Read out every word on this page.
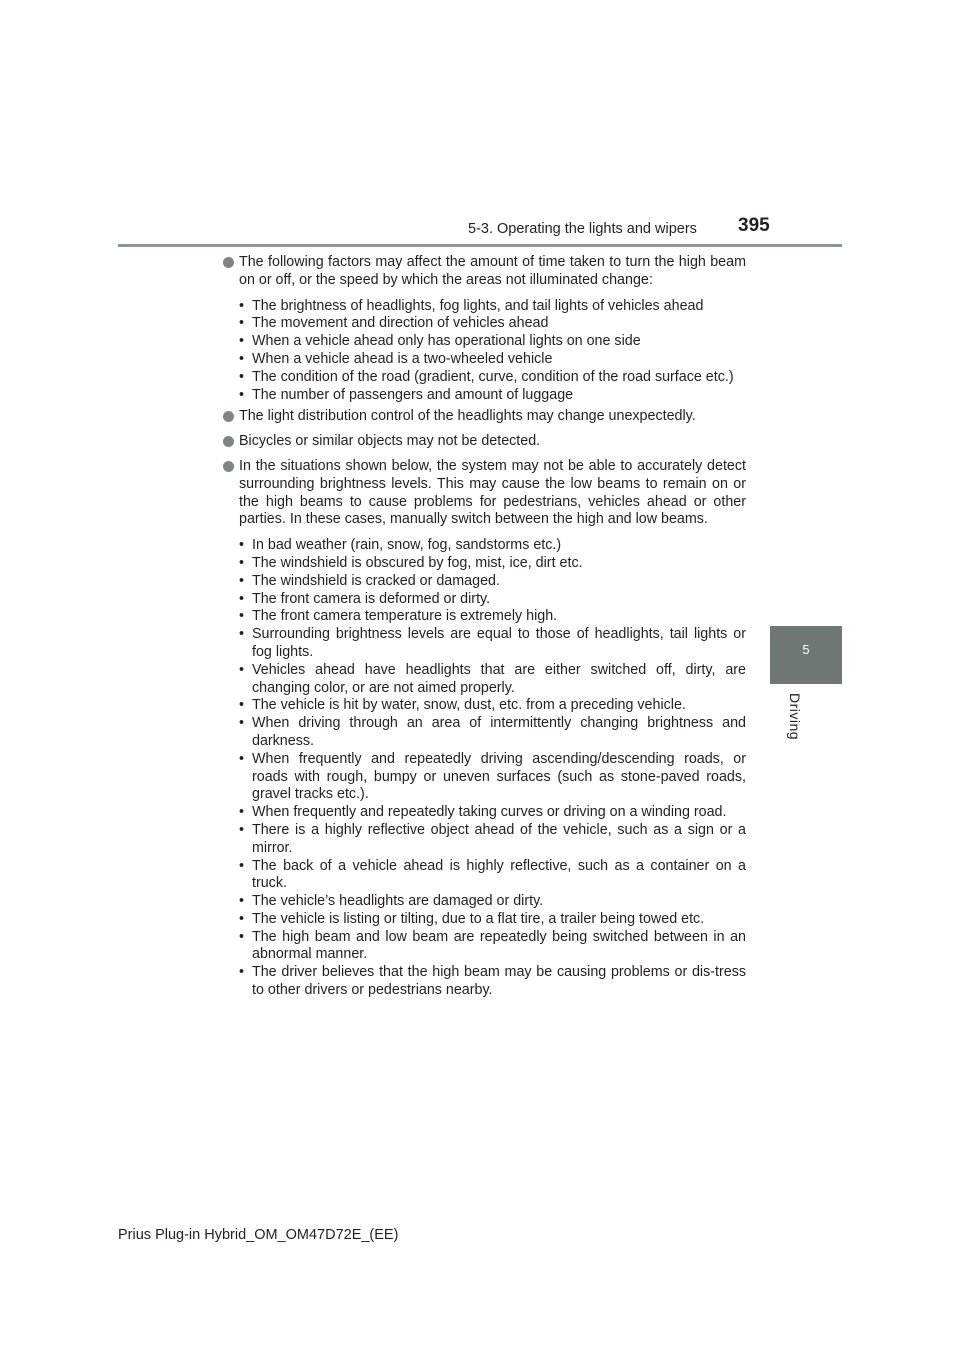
5-3. Operating the lights and wipers 395
5
Driving
The following factors may affect the amount of time taken to turn the high beam on or off, or the speed by which the areas not illuminated change:
• The brightness of headlights, fog lights, and tail lights of vehicles ahead
• The movement and direction of vehicles ahead
• When a vehicle ahead only has operational lights on one side
• When a vehicle ahead is a two-wheeled vehicle
• The condition of the road (gradient, curve, condition of the road surface etc.)
• The number of passengers and amount of luggage
The light distribution control of the headlights may change unexpectedly.
Bicycles or similar objects may not be detected.
In the situations shown below, the system may not be able to accurately detect surrounding brightness levels. This may cause the low beams to remain on or the high beams to cause problems for pedestrians, vehicles ahead or other parties. In these cases, manually switch between the high and low beams.
• In bad weather (rain, snow, fog, sandstorms etc.)
• The windshield is obscured by fog, mist, ice, dirt etc.
• The windshield is cracked or damaged.
• The front camera is deformed or dirty.
• The front camera temperature is extremely high.
• Surrounding brightness levels are equal to those of headlights, tail lights or fog lights.
• Vehicles ahead have headlights that are either switched off, dirty, are changing color, or are not aimed properly.
• The vehicle is hit by water, snow, dust, etc. from a preceding vehicle.
• When driving through an area of intermittently changing brightness and darkness.
• When frequently and repeatedly driving ascending/descending roads, or roads with rough, bumpy or uneven surfaces (such as stone-paved roads, gravel tracks etc.).
• When frequently and repeatedly taking curves or driving on a winding road.
• There is a highly reflective object ahead of the vehicle, such as a sign or a mirror.
• The back of a vehicle ahead is highly reflective, such as a container on a truck.
• The vehicle’s headlights are damaged or dirty.
• The vehicle is listing or tilting, due to a flat tire, a trailer being towed etc.
• The high beam and low beam are repeatedly being switched between in an abnormal manner.
• The driver believes that the high beam may be causing problems or dis-tress to other drivers or pedestrians nearby.
Prius Plug-in Hybrid_OM_OM47D72E_(EE)
